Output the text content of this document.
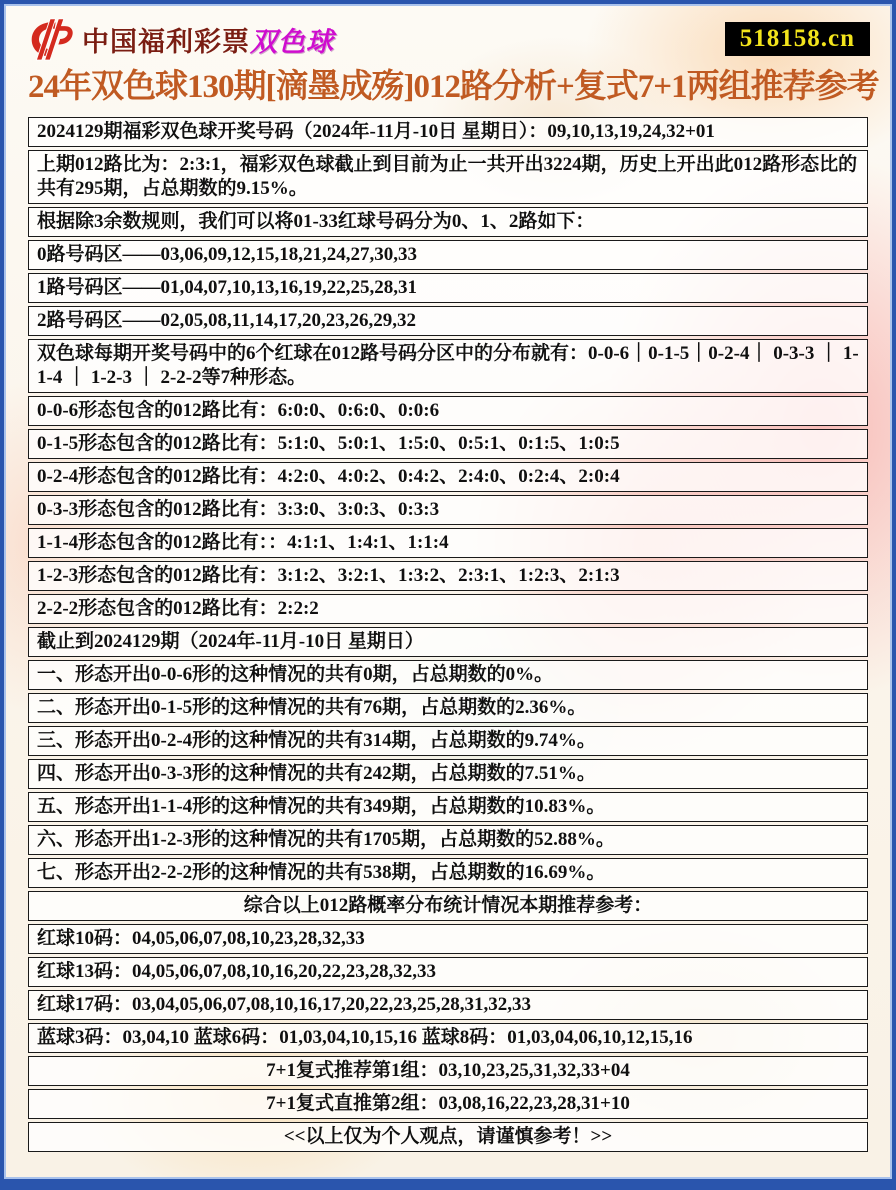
中国福利彩票双色球	518158.cn
24年双色球130期[滴墨成殇]012路分析+复式7+1两组推荐参考
2024129期福彩双色球开奖号码（2024年-11月-10日 星期日）：09,10,13,19,24,32+01
上期012路比为：2:3:1，福彩双色球截止到目前为止一共开出3224期，历史上开出此012路形态比的共有295期，占总期数的9.15%。
根据除3余数规则，我们可以将01-33红球号码分为0、1、2路如下：
0路号码区——03,06,09,12,15,18,21,24,27,30,33
1路号码区——01,04,07,10,13,16,19,22,25,28,31
2路号码区——02,05,08,11,14,17,20,23,26,29,32
双色球每期开奖号码中的6个红球在012路号码分区中的分布就有：0-0-6｜0-1-5｜0-2-4｜ 0-3-3 ｜ 1-1-4 ｜ 1-2-3 ｜ 2-2-2等7种形态。
0-0-6形态包含的012路比有：6:0:0、0:6:0、0:0:6
0-1-5形态包含的012路比有：5:1:0、5:0:1、1:5:0、0:5:1、0:1:5、1:0:5
0-2-4形态包含的012路比有：4:2:0、4:0:2、0:4:2、2:4:0、0:2:4、2:0:4
0-3-3形态包含的012路比有：3:3:0、3:0:3、0:3:3
1-1-4形态包含的012路比有：：4:1:1、1:4:1、1:1:4
1-2-3形态包含的012路比有：3:1:2、3:2:1、1:3:2、2:3:1、1:2:3、2:1:3
2-2-2形态包含的012路比有：2:2:2
截止到2024129期（2024年-11月-10日 星期日）
一、形态开出0-0-6形的这种情况的共有0期，占总期数的0%。
二、形态开出0-1-5形的这种情况的共有76期，占总期数的2.36%。
三、形态开出0-2-4形的这种情况的共有314期，占总期数的9.74%。
四、形态开出0-3-3形的这种情况的共有242期，占总期数的7.51%。
五、形态开出1-1-4形的这种情况的共有349期，占总期数的10.83%。
六、形态开出1-2-3形的这种情况的共有1705期，占总期数的52.88%。
七、形态开出2-2-2形的这种情况的共有538期，占总期数的16.69%。
综合以上012路概率分布统计情况本期推荐参考：
红球10码：04,05,06,07,08,10,23,28,32,33
红球13码：04,05,06,07,08,10,16,20,22,23,28,32,33
红球17码：03,04,05,06,07,08,10,16,17,20,22,23,25,28,31,32,33
蓝球3码：03,04,10 蓝球6码：01,03,04,10,15,16 蓝球8码：01,03,04,06,10,12,15,16
7+1复式推荐第1组：03,10,23,25,31,32,33+04
7+1复式直推第2组：03,08,16,22,23,28,31+10
<<以上仅为个人观点，请谨慎参考！>>
